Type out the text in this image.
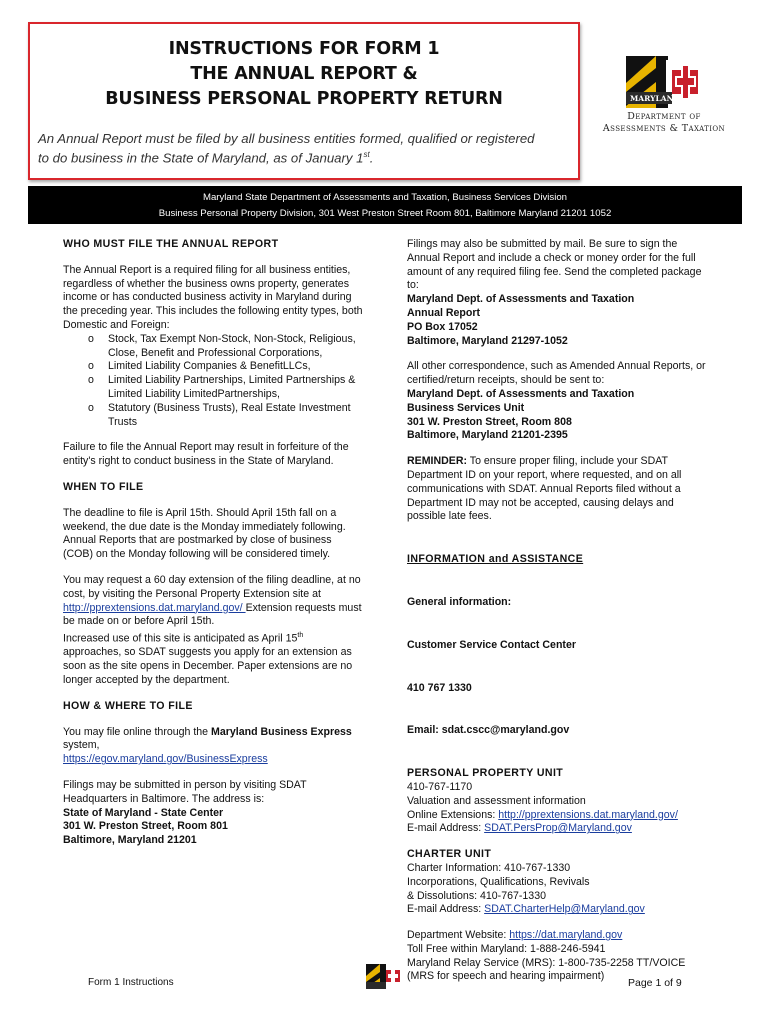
INSTRUCTIONS FOR FORM 1
THE ANNUAL REPORT &
BUSINESS PERSONAL PROPERTY RETURN
An Annual Report must be filed by all business entities formed, qualified or registered
to do business in the State of Maryland, as of January 1st.
MARYLAND
Department of
Assessments & Taxation
Maryland State Department of Assessments and Taxation, Business Services Division
Business Personal Property Division, 301 West Preston Street Room 801, Baltimore Maryland 21201 1052
WHO MUST FILE THE ANNUAL REPORT

The Annual Report is a required filing for all business entities, regardless of whether the business owns property, generates income or has conducted business activity in Maryland during the preceding year. This includes the following entity types, both Domestic and Foreign:

o Stock, Tax Exempt Non-Stock, Non-Stock, Religious, Close, Benefit and Professional Corporations,
o Limited Liability Companies & BenefitLLCs,
o Limited Liability Partnerships, Limited Partnerships & Limited Liability LimitedPartnerships,
o Statutory (Business Trusts), Real Estate Investment Trusts

Failure to file the Annual Report may result in forfeiture of the entity's right to conduct business in the State of Maryland.

WHEN TO FILE

The deadline to file is April 15th. Should April 15th fall on a weekend, the due date is the Monday immediately following. Annual Reports that are postmarked by close of business (COB) on the Monday following will be considered timely.

You may request a 60 day extension of the filing deadline, at no cost, by visiting the Personal Property Extension site at http://pprextensions.dat.maryland.gov/ Extension requests must be made on or before April 15th.
Increased use of this site is anticipated as April 15th approaches, so SDAT suggests you apply for an extension as soon as the site opens in December. Paper extensions are no longer accepted by the department.

HOW & WHERE TO FILE

You may file online through the Maryland Business Express system,
https://egov.maryland.gov/BusinessExpress

Filings may be submitted in person by visiting SDAT Headquarters in Baltimore. The address is:

State of Maryland - State Center
301 W. Preston Street, Room 801
Baltimore, Maryland 21201

Filings may also be submitted by mail. Be sure to sign the Annual Report and include a check or money order for the full amount of any required filing fee. Send the completed package to:

Maryland Dept. of Assessments and Taxation
Annual Report
PO Box 17052
Baltimore, Maryland 21297-1052

All other correspondence, such as Amended Annual Reports, or certified/return receipts, should be sent to:

Maryland Dept. of Assessments and Taxation
Business Services Unit
301 W. Preston Street, Room 808
Baltimore, Maryland 21201-2395

REMINDER: To ensure proper filing, include your SDAT Department ID on your report, where requested, and on all communications with SDAT. Annual Reports filed without a Department ID may not be accepted, causing delays and possible late fees.

INFORMATION and ASSISTANCE
General information:
Customer Service Contact Center
410 767 1330
Email: sdat.cscc@maryland.gov
PERSONAL PROPERTY UNIT
410-767-1170
Valuation and assessment information
Online Extensions: http://pprextensions.dat.maryland.gov/
E-mail Address: SDAT.PersProp@Maryland.gov
CHARTER UNIT
Charter Information: 410-767-1330
Incorporations, Qualifications, Revivals
& Dissolutions: 410-767-1330
E-mail Address: SDAT.CharterHelp@Maryland.gov
Department Website: https://dat.maryland.gov
Toll Free within Maryland: 1-888-246-5941
Maryland Relay Service (MRS): 1-800-735-2258 TT/VOICE
(MRS for speech and hearing impairment)
Form 1 Instructions	Page 1 of 9
